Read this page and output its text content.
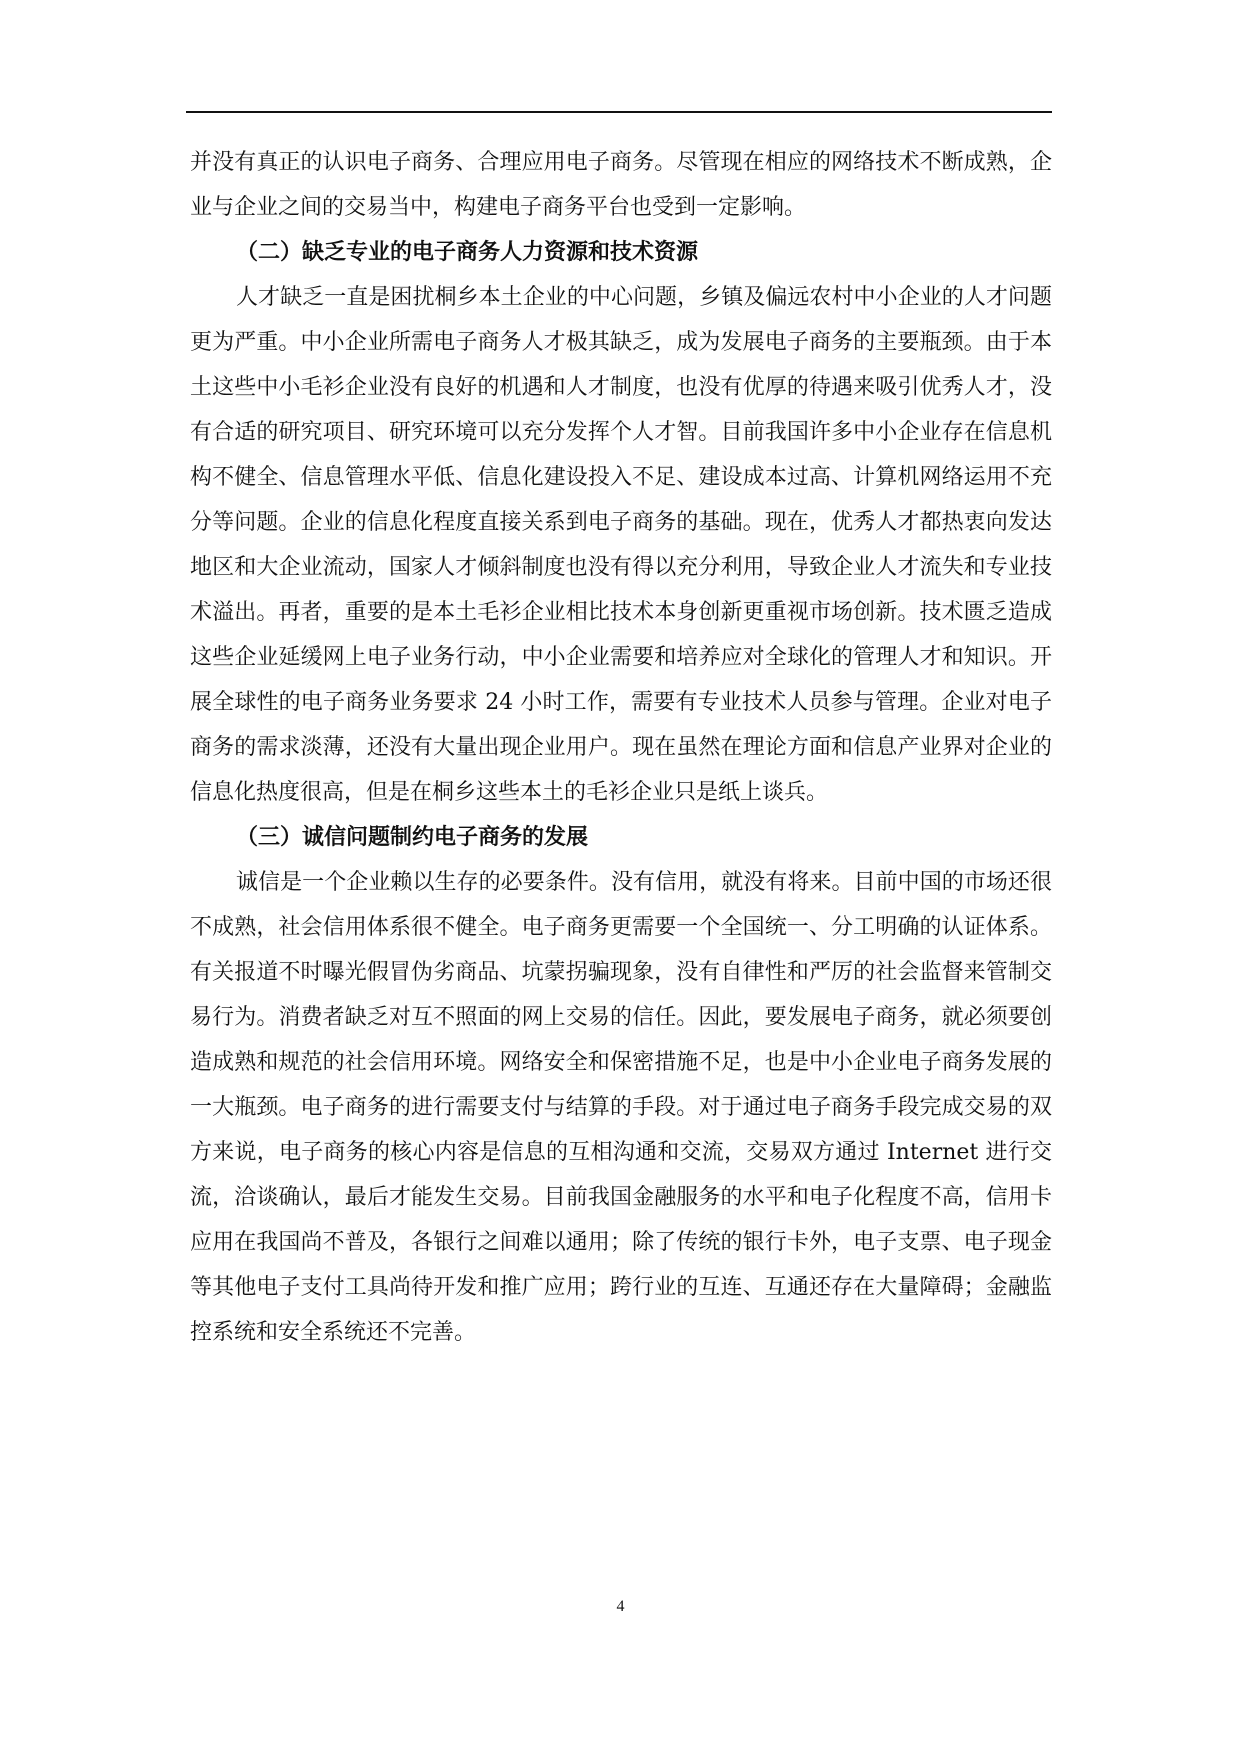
并没有真正的认识电子商务、合理应用电子商务。尽管现在相应的网络技术不断成熟，企业与企业之间的交易当中，构建电子商务平台也受到一定影响。

（二）缺乏专业的电子商务人力资源和技术资源

人才缺乏一直是困扰桐乡本土企业的中心问题，乡镇及偏远农村中小企业的人才问题更为严重。中小企业所需电子商务人才极其缺乏，成为发展电子商务的主要瓶颈。由于本土这些中小毛衫企业没有良好的机遇和人才制度，也没有优厚的待遇来吸引优秀人才，没有合适的研究项目、研究环境可以充分发挥个人才智。目前我国许多中小企业存在信息机构不健全、信息管理水平低、信息化建设投入不足、建设成本过高、计算机网络运用不充分等问题。企业的信息化程度直接关系到电子商务的基础。现在，优秀人才都热衷向发达地区和大企业流动，国家人才倾斜制度也没有得以充分利用，导致企业人才流失和专业技术溢出。再者，重要的是本土毛衫企业相比技术本身创新更重视市场创新。技术匮乏造成这些企业延缓网上电子业务行动，中小企业需要和培养应对全球化的管理人才和知识。开展全球性的电子商务业务要求 24 小时工作，需要有专业技术人员参与管理。企业对电子商务的需求淡薄，还没有大量出现企业用户。现在虽然在理论方面和信息产业界对企业的信息化热度很高，但是在桐乡这些本土的毛衫企业只是纸上谈兵。

（三）诚信问题制约电子商务的发展

诚信是一个企业赖以生存的必要条件。没有信用，就没有将来。目前中国的市场还很不成熟，社会信用体系很不健全。电子商务更需要一个全国统一、分工明确的认证体系。有关报道不时曝光假冒伪劣商品、坑蒙拐骗现象，没有自律性和严厉的社会监督来管制交易行为。消费者缺乏对互不照面的网上交易的信任。因此，要发展电子商务，就必须要创造成熟和规范的社会信用环境。网络安全和保密措施不足，也是中小企业电子商务发展的一大瓶颈。电子商务的进行需要支付与结算的手段。对于通过电子商务手段完成交易的双方来说，电子商务的核心内容是信息的互相沟通和交流，交易双方通过 Internet 进行交流，洽谈确认，最后才能发生交易。目前我国金融服务的水平和电子化程度不高，信用卡应用在我国尚不普及，各银行之间难以通用；除了传统的银行卡外，电子支票、电子现金等其他电子支付工具尚待开发和推广应用；跨行业的互连、互通还存在大量障碍；金融监控系统和安全系统还不完善。

4
